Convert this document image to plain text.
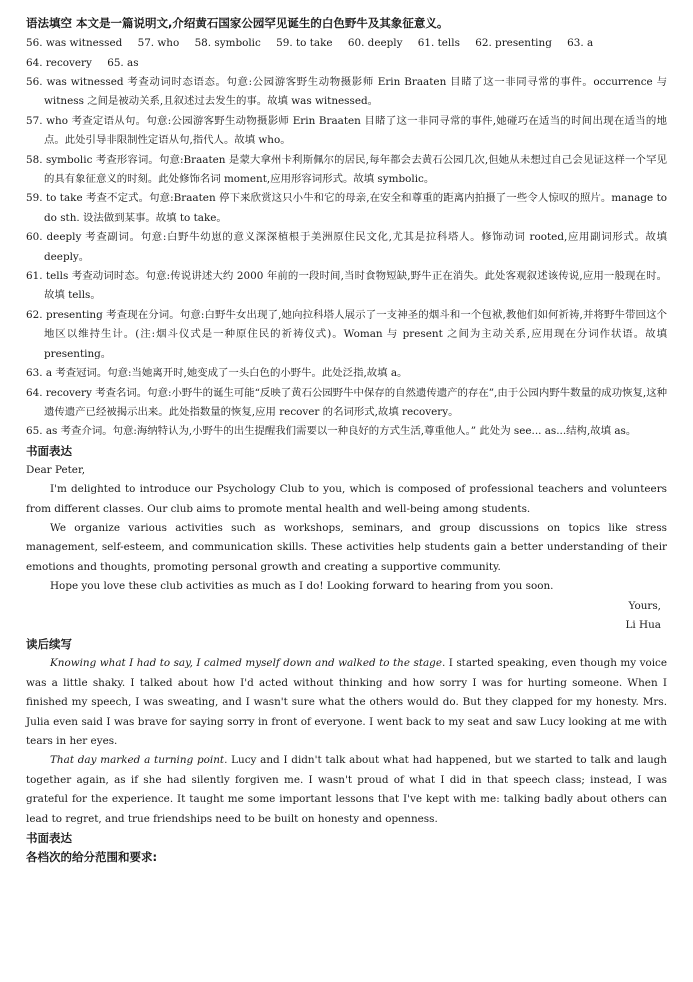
语法填空 本文是一篇说明文,介绍黄石国家公园罕见诞生的白色野牛及其象征意义。

56. was witnessed 57. who 58. symbolic 59. to take 60. deeply 61. tells 62. presenting 63. a

64. recovery 65. as

56. was witnessed 考查动词时态语态。句意:公园游客野生动物摄影师 Erin Braaten 目睹了这一非同寻常的事件。occurrence 与 witness 之间是被动关系,且叙述过去发生的事。故填 was witnessed。

57. who 考查定语从句。句意:公园游客野生动物摄影师 Erin Braaten 目睹了这一非同寻常的事件,她碰巧在适当的时间出现在适当的地点。此处引导非限制性定语从句,指代人。故填 who。

58. symbolic 考查形容词。句意:Braaten 是蒙大拿州卡利斯佩尔的居民,每年都会去黄石公园几次,但她从未想过自己会见证这样一个罕见的具有象征意义的时刻。此处修饰名词 moment,应用形容词形式。故填 symbolic。

59. to take 考查不定式。句意:Braaten 停下来欣赏这只小牛和它的母亲,在安全和尊重的距离内拍摄了一些令人惊叹的照片。manage to do sth. 设法做到某事。故填 to take。

60. deeply 考查副词。句意:白野牛幼崽的意义深深植根于美洲原住民文化,尤其是拉科塔人。修饰动词 rooted,应用副词形式。故填 deeply。

61. tells 考查动词时态。句意:传说讲述大约 2000 年前的一段时间,当时食物短缺,野牛正在消失。此处客观叙述该传说,应用一般现在时。故填 tells。

62. presenting 考查现在分词。句意:白野牛女出现了,她向拉科塔人展示了一支神圣的烟斗和一个包袱,教他们如何祈祷,并将野牛带回这个地区以维持生计。(注:烟斗仪式是一种原住民的祈祷仪式)。Woman 与 present 之间为主动关系,应用现在分词作状语。故填 presenting。

63. a 考查冠词。句意:当她离开时,她变成了一头白色的小野牛。此处泛指,故填 a。

64. recovery 考查名词。句意:小野牛的诞生可能“反映了黄石公园野牛中保存的自然遗传遗产的存在”,由于公园内野牛数量的成功恢复,这种遗传遗产已经被揭示出来。此处指数量的恢复,应用 recover 的名词形式,故填 recovery。

65. as 考查介词。句意:海纳特认为,小野牛的出生提醒我们需要以一种良好的方式生活,尊重他人。” 此处为 see... as...结构,故填 as。

书面表达

Dear Peter,

I'm delighted to introduce our Psychology Club to you, which is composed of professional teachers and volunteers from different classes. Our club aims to promote mental health and well-being among students.

We organize various activities such as workshops, seminars, and group discussions on topics like stress management, self-esteem, and communication skills. These activities help students gain a better understanding of their emotions and thoughts, promoting personal growth and creating a supportive community.

Hope you love these club activities as much as I do! Looking forward to hearing from you soon.

Yours,

Li Hua

读后续写

Knowing what I had to say, I calmed myself down and walked to the stage. I started speaking, even though my voice was a little shaky. I talked about how I'd acted without thinking and how sorry I was for hurting someone. When I finished my speech, I was sweating, and I wasn't sure what the others would do. But they clapped for my honesty. Mrs. Julia even said I was brave for saying sorry in front of everyone. I went back to my seat and saw Lucy looking at me with tears in her eyes.

That day marked a turning point. Lucy and I didn't talk about what had happened, but we started to talk and laugh together again, as if she had silently forgiven me. I wasn't proud of what I did in that speech class; instead, I was grateful for the experience. It taught me some important lessons that I've kept with me: talking badly about others can lead to regret, and true friendships need to be built on honesty and openness.

书面表达

各档次的给分范围和要求:
